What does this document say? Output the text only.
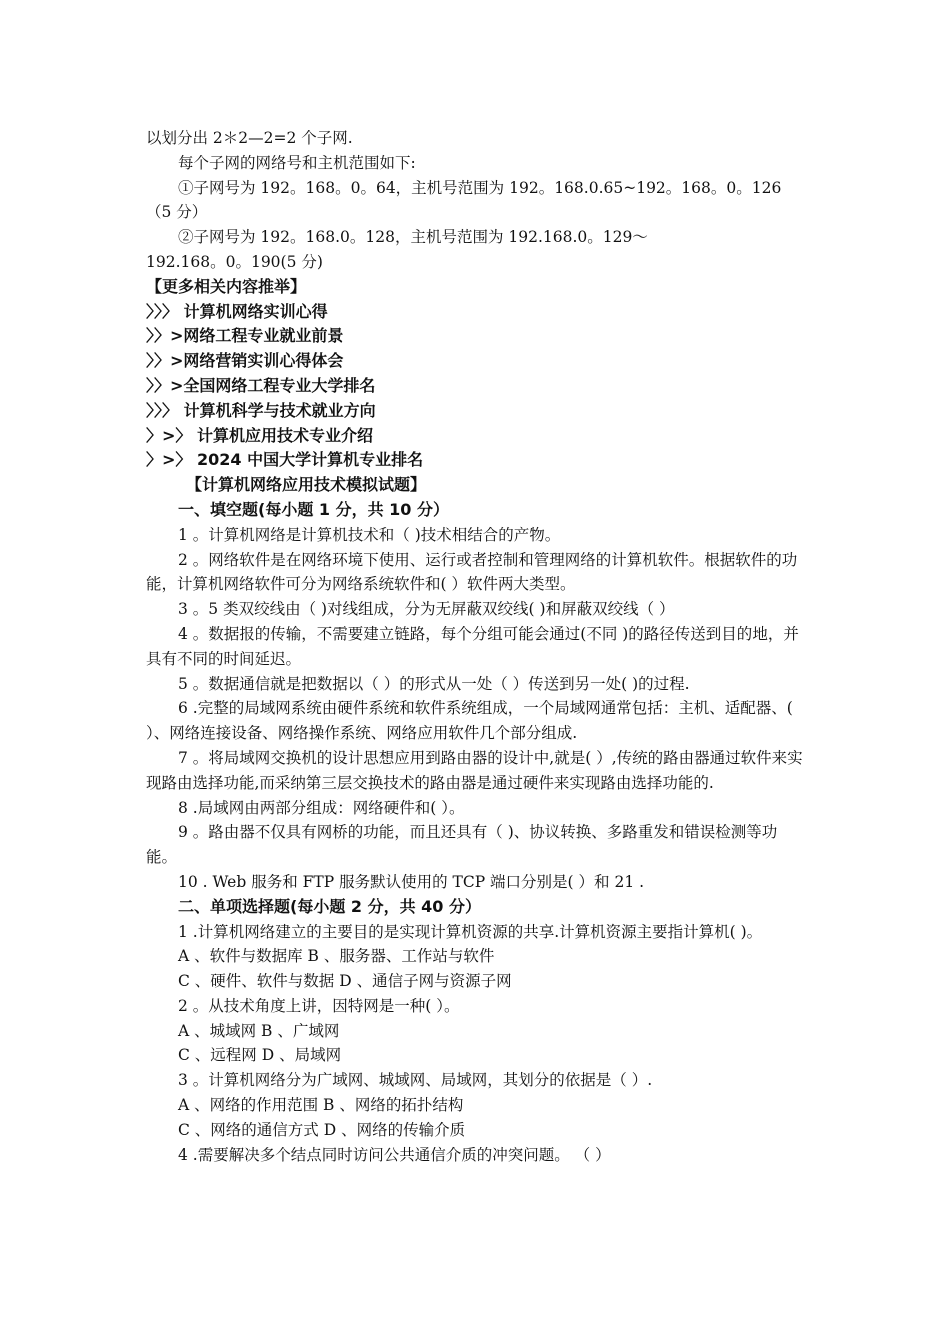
以划分出 2＊2—2=2 个子网.

每个子网的网络号和主机范围如下:

①子网号为 192。168。0。64，主机号范围为 192。168.0.65~192。168。0。126

（5 分）

②子网号为 192。168.0。128，主机号范围为 192.168.0。129～

192.168。0。190(5 分)

【更多相关内容推举】

〉〉〉 计算机网络实训心得

〉〉>网络工程专业就业前景

〉〉>网络营销实训心得体会

〉〉>全国网络工程专业大学排名

〉〉〉 计算机科学与技术就业方向

〉>〉 计算机应用技术专业介绍

〉>〉 2024 中国大学计算机专业排名

【计算机网络应用技术模拟试题】

一、填空题(每小题 1 分，共 10 分）

1 。计算机网络是计算机技术和（ )技术相结合的产物。

2 。网络软件是在网络环境下使用、运行或者控制和管理网络的计算机软件。根据软件的功能，计算机网络软件可分为网络系统软件和( ）软件两大类型。

3 。5 类双绞线由（ )对线组成，分为无屏蔽双绞线( )和屏蔽双绞线（ ）

4 。数据报的传输，不需要建立链路，每个分组可能会通过(不同 )的路径传送到目的地，并具有不同的时间延迟。

5 。数据通信就是把数据以（ ）的形式从一处（ ）传送到另一处( )的过程.

6 .完整的局域网系统由硬件系统和软件系统组成，一个局域网通常包括：主机、适配器、( ）、网络连接设备、网络操作系统、网络应用软件几个部分组成.

7 。将局域网交换机的设计思想应用到路由器的设计中,就是( ）,传统的路由器通过软件来实现路由选择功能,而采纳第三层交换技术的路由器是通过硬件来实现路由选择功能的.

8 .局域网由两部分组成：网络硬件和( ）。

9 。路由器不仅具有网桥的功能，而且还具有（ )、协议转换、多路重发和错误检测等功能。

10 . Web 服务和 FTP 服务默认使用的 TCP 端口分别是( ）和 21 .

二、单项选择题(每小题 2 分，共 40 分）

1 .计算机网络建立的主要目的是实现计算机资源的共享.计算机资源主要指计算机( )。

A 、软件与数据库 B 、服务器、工作站与软件

C 、硬件、软件与数据 D 、通信子网与资源子网

2 。从技术角度上讲，因特网是一种( ）。

A 、城域网 B 、广域网

C 、远程网 D 、局域网

3 。计算机网络分为广域网、城域网、局域网，其划分的依据是（ ）.

A 、网络的作用范围 B 、网络的拓扑结构

C 、网络的通信方式 D 、网络的传输介质

4 .需要解决多个结点同时访问公共通信介质的冲突问题。 （ ）
